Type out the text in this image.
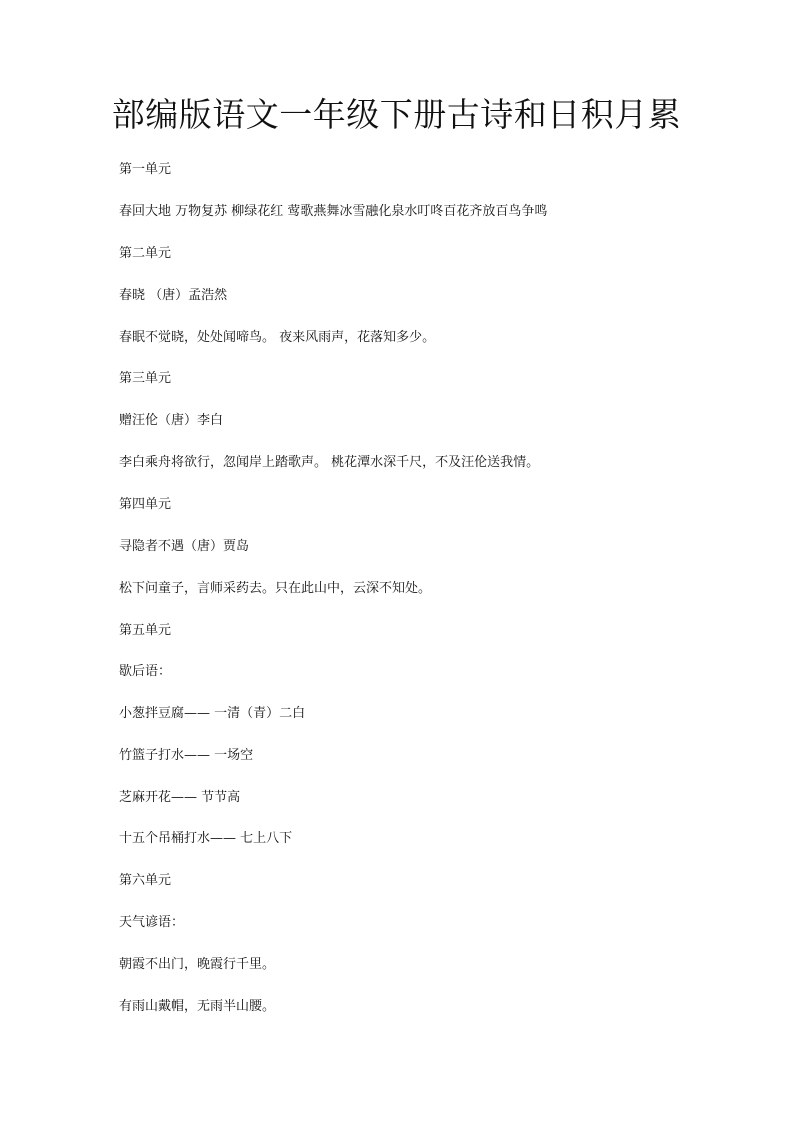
部编版语文一年级下册古诗和日积月累

第一单元

春回大地 万物复苏 柳绿花红 莺歌燕舞冰雪融化泉水叮咚百花齐放百鸟争鸣

第二单元

春晓 （唐）孟浩然

春眠不觉晓，处处闻啼鸟。 夜来风雨声，花落知多少。

第三单元

赠汪伦（唐）李白

李白乘舟将欲行，忽闻岸上踏歌声。 桃花潭水深千尺，不及汪伦送我情。

第四单元

寻隐者不遇（唐）贾岛

松下问童子，言师采药去。只在此山中，云深不知处。

第五单元

歇后语：

小葱拌豆腐—— 一清（青）二白

竹篮子打水—— 一场空

芝麻开花—— 节节高

十五个吊桶打水—— 七上八下

第六单元

天气谚语：

朝霞不出门，晚霞行千里。

有雨山戴帽，无雨半山腰。
